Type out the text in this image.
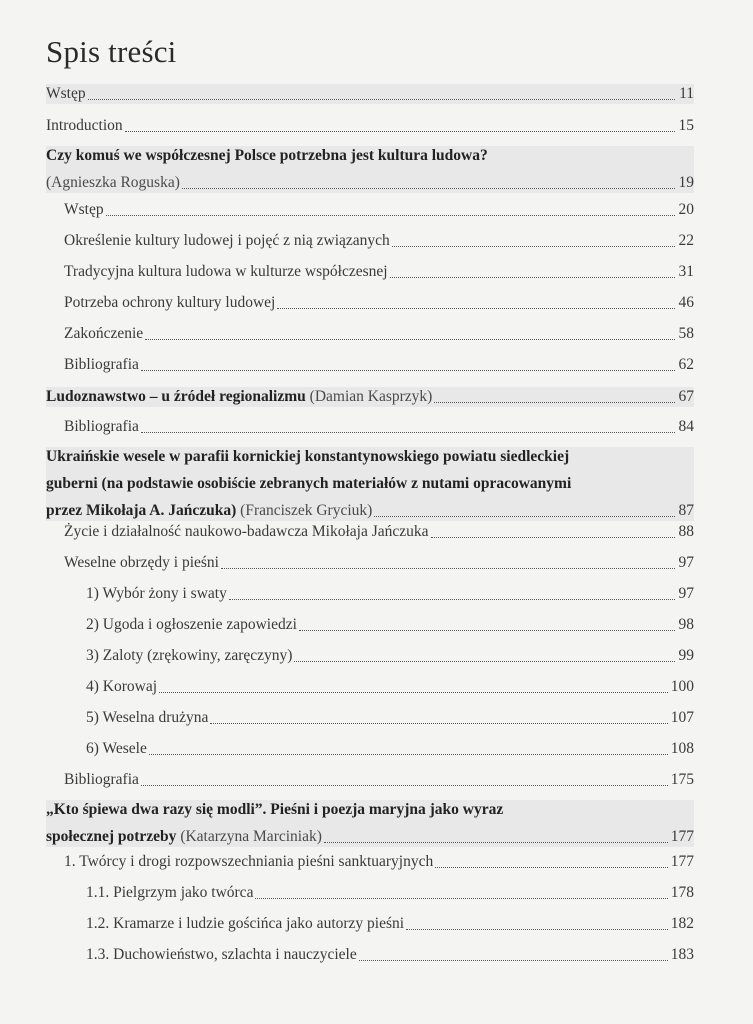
Spis treści
Wstęp	11
Introduction	15
Czy komuś we współczesnej Polsce potrzebna jest kultura ludowa?
(Agnieszka Roguska)	19
Wstęp	20
Określenie kultury ludowej i pojęć z nią związanych	22
Tradycyjna kultura ludowa w kulturze współczesnej	31
Potrzeba ochrony kultury ludowej	46
Zakończenie	58
Bibliografia	62
Ludoznawstwo – u źródeł regionalizmu (Damian Kasprzyk)	67
Bibliografia	84
Ukraińskie wesele w parafii kornickiej konstantynowskiego powiatu siedleckiej
guberni (na podstawie osobiście zebranych materiałów z nutami opracowanymi
przez Mikołaja A. Jańczuka) (Franciszek Gryciuk)	87
Życie i działalność naukowo-badawcza Mikołaja Jańczuka	88
Weselne obrzędy i pieśni	97
1) Wybór żony i swaty	97
2) Ugoda i ogłoszenie zapowiedzi	98
3) Zaloty (zrękowiny, zaręczyny)	99
4) Korowaj	100
5) Weselna drużyna	107
6) Wesele	108
Bibliografia	175
„Kto śpiewa dwa razy się modli”. Pieśni i poezja maryjna jako wyraz
społecznej potrzeby (Katarzyna Marciniak)	177
1. Twórcy i drogi rozpowszechniania pieśni sanktuaryjnych	177
1.1. Pielgrzym jako twórca	178
1.2. Kramarze i ludzie gościńca jako autorzy pieśni	182
1.3. Duchowieństwo, szlachta i nauczyciele	183
